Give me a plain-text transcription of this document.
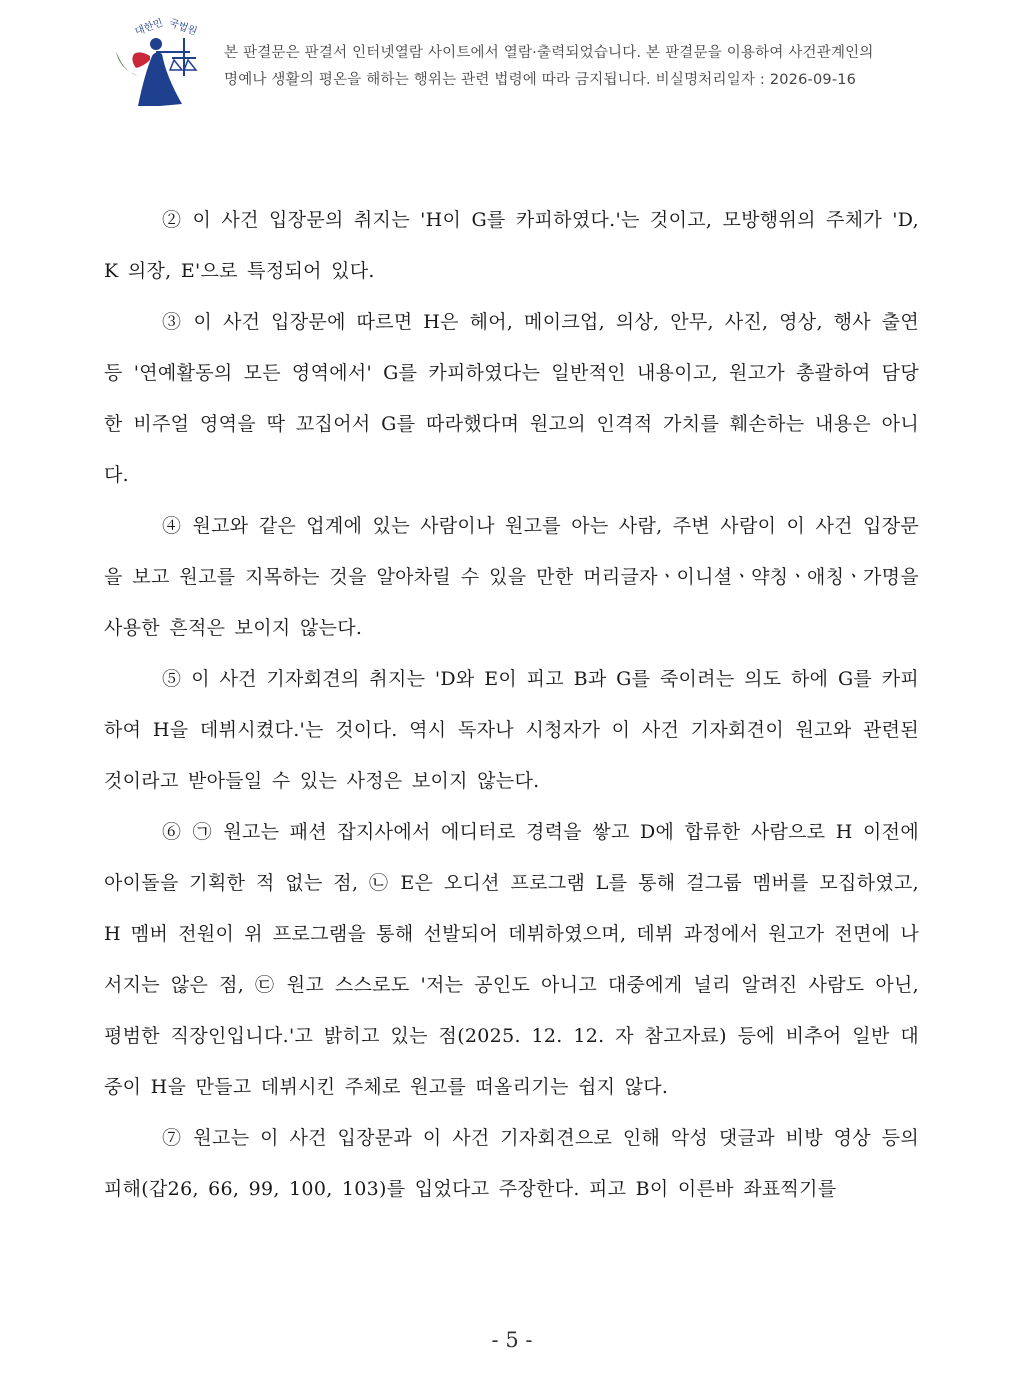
대한민 국법원
본 판결문은 판결서 인터넷열람 사이트에서 열람·출력되었습니다. 본 판결문을 이용하여 사건관계인의
명예나 생활의 평온을 해하는 행위는 관련 법령에 따라 금지됩니다. 비실명처리일자 : 2026-09-16

② 이 사건 입장문의 취지는 'H이 G를 카피하였다.'는 것이고, 모방행위의 주체가 'D, K 의장, E'으로 특정되어 있다.

③ 이 사건 입장문에 따르면 H은 헤어, 메이크업, 의상, 안무, 사진, 영상, 행사 출연 등 '연예활동의 모든 영역에서' G를 카피하였다는 일반적인 내용이고, 원고가 총괄하여 담당한 비주얼 영역을 딱 꼬집어서 G를 따라했다며 원고의 인격적 가치를 훼손하는 내용은 아니다.

④ 원고와 같은 업계에 있는 사람이나 원고를 아는 사람, 주변 사람이 이 사건 입장문을 보고 원고를 지목하는 것을 알아차릴 수 있을 만한 머리글자ㆍ이니셜ㆍ약칭ㆍ애칭ㆍ가명을 사용한 흔적은 보이지 않는다.

⑤ 이 사건 기자회견의 취지는 'D와 E이 피고 B과 G를 죽이려는 의도 하에 G를 카피하여 H을 데뷔시켰다.'는 것이다. 역시 독자나 시청자가 이 사건 기자회견이 원고와 관련된 것이라고 받아들일 수 있는 사정은 보이지 않는다.

⑥ ㉠ 원고는 패션 잡지사에서 에디터로 경력을 쌓고 D에 합류한 사람으로 H 이전에 아이돌을 기획한 적 없는 점, ㉡ E은 오디션 프로그램 L를 통해 걸그룹 멤버를 모집하였고, H 멤버 전원이 위 프로그램을 통해 선발되어 데뷔하였으며, 데뷔 과정에서 원고가 전면에 나서지는 않은 점, ㉢ 원고 스스로도 '저는 공인도 아니고 대중에게 널리 알려진 사람도 아닌, 평범한 직장인입니다.'고 밝히고 있는 점(2025. 12. 12. 자 참고자료) 등에 비추어 일반 대중이 H을 만들고 데뷔시킨 주체로 원고를 떠올리기는 쉽지 않다.

⑦ 원고는 이 사건 입장문과 이 사건 기자회견으로 인해 악성 댓글과 비방 영상 등의 피해(갑26, 66, 99, 100, 103)를 입었다고 주장한다. 피고 B이 이른바 좌표찍기를

- 5 -
